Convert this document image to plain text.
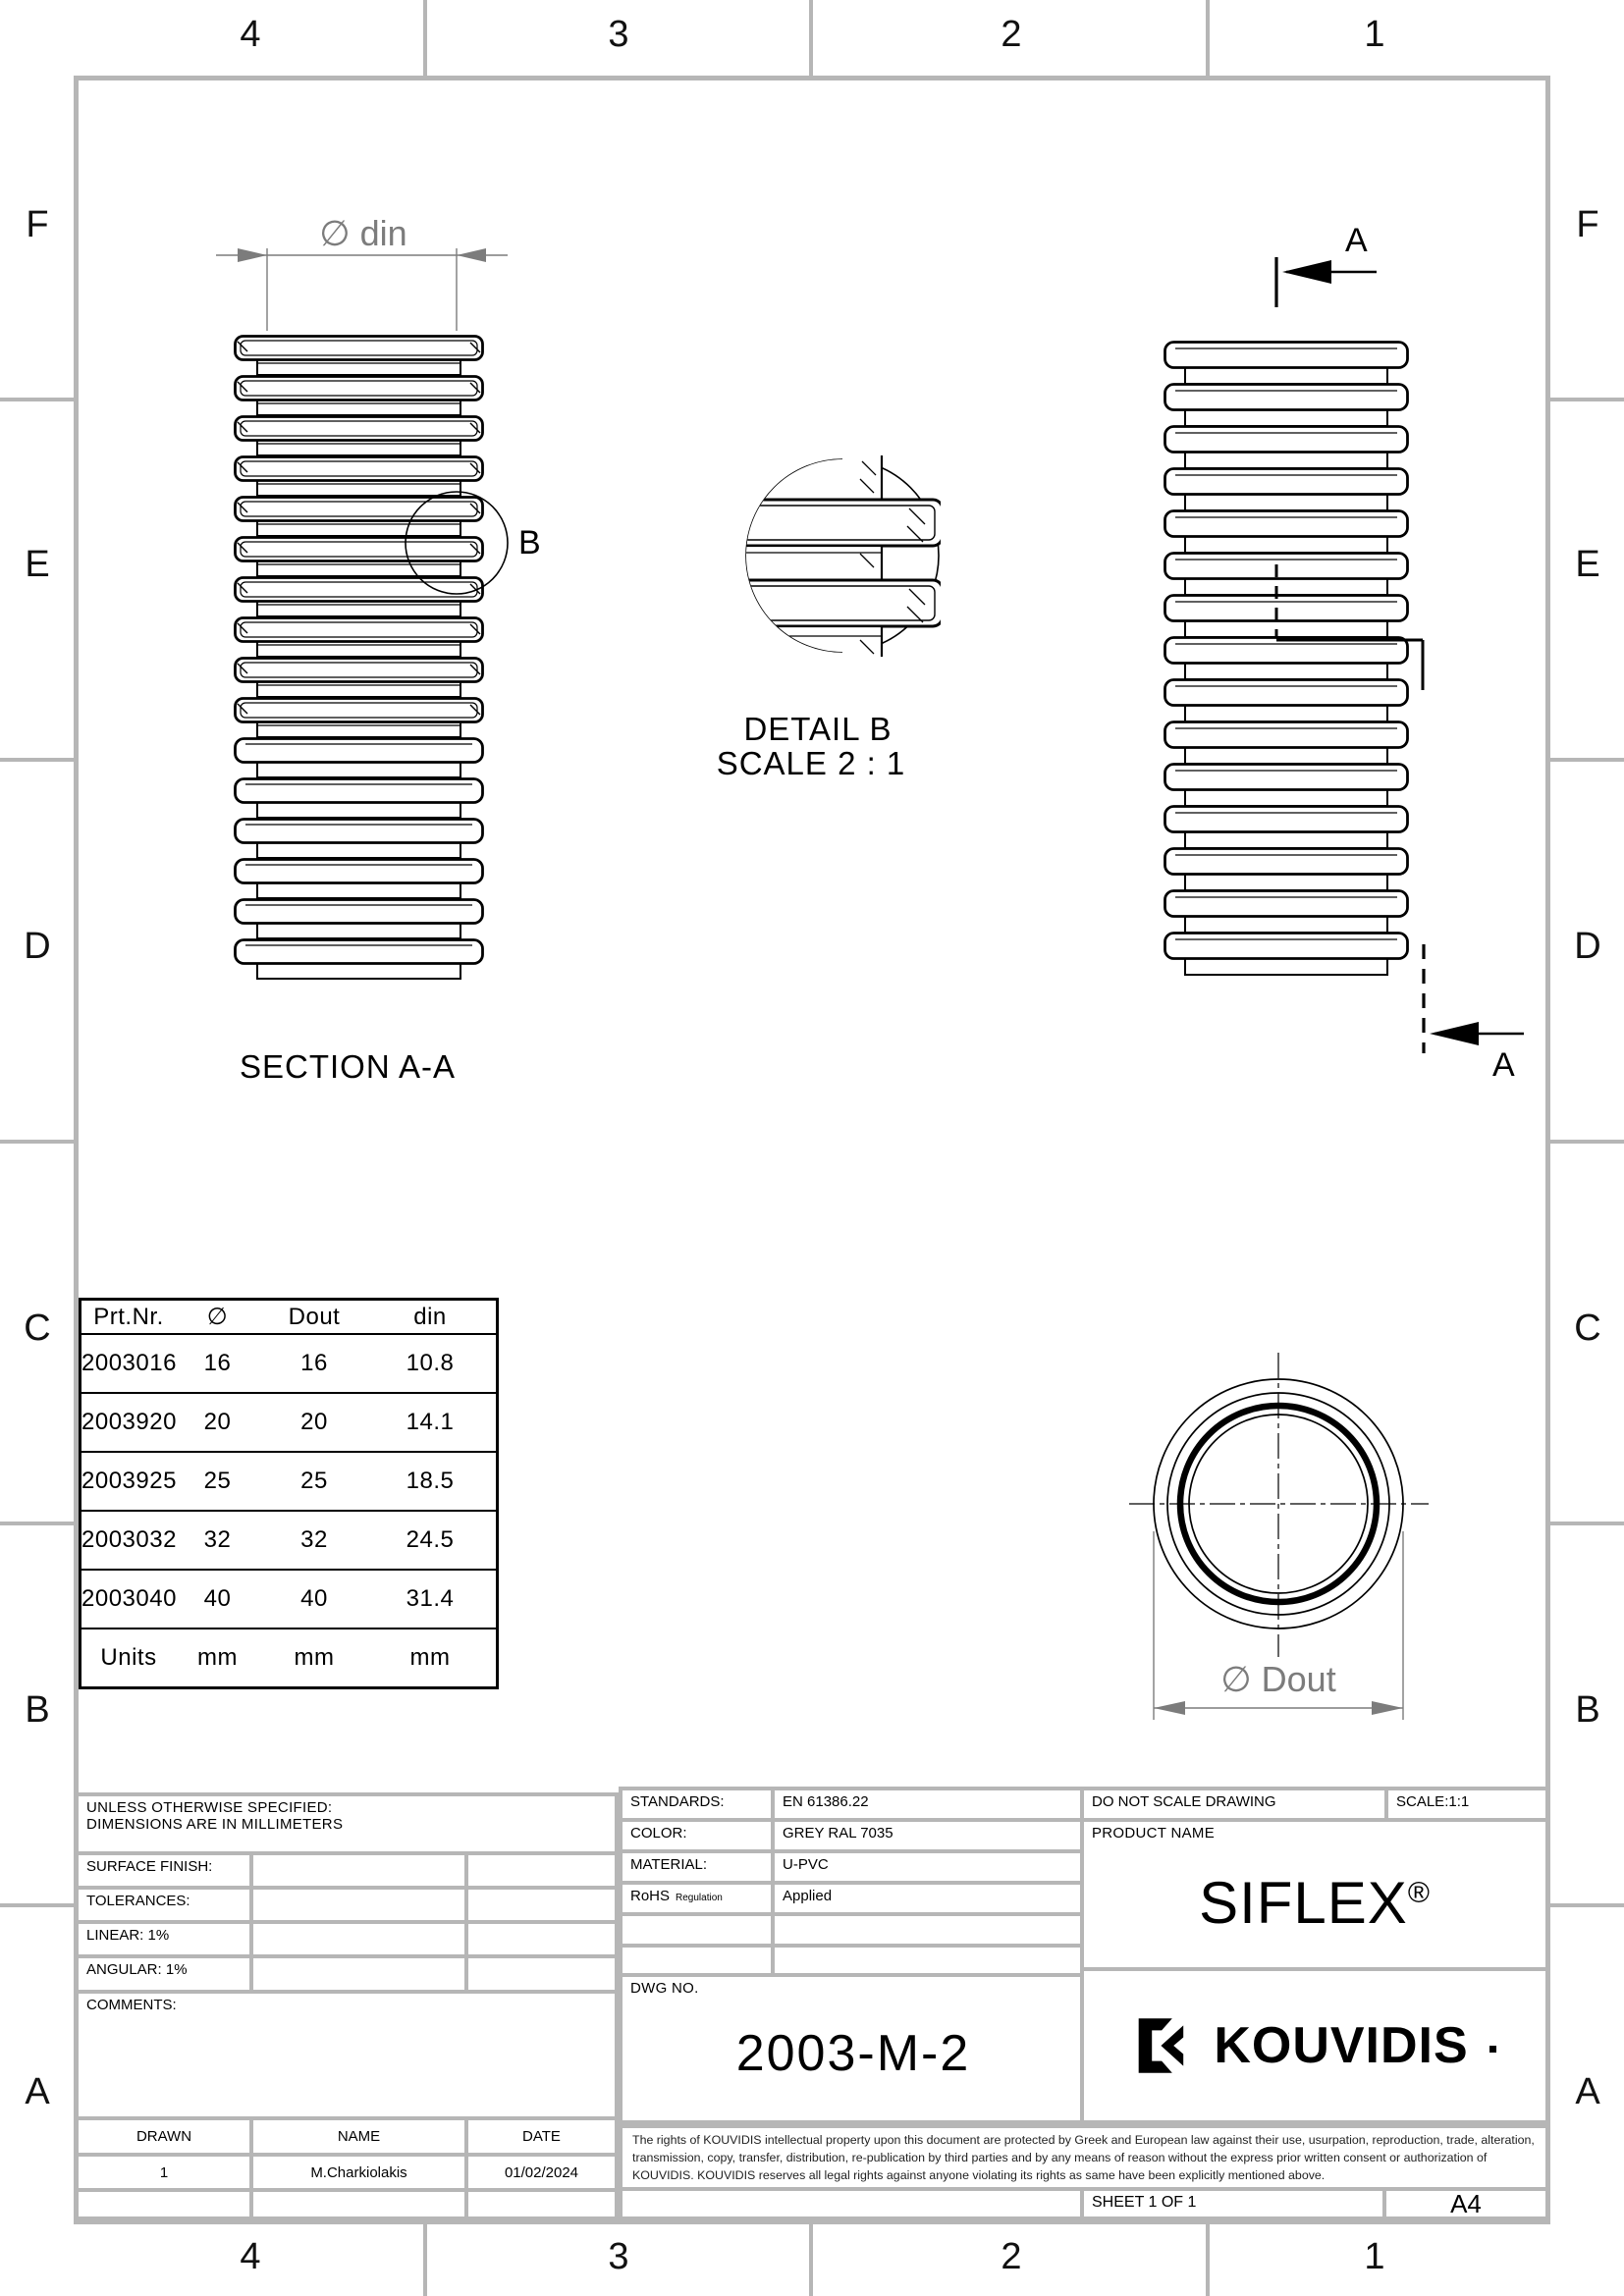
4	3	2	1
4	3	2	1
F
E
D
C
B
A
F
E
D
C
B
A
∅ din
B
A
A
SECTION A-A
DETAIL B
SCALE 2 : 1
∅ Dout
Prt.Nr.	∅	Dout	din
2003016	16	16	10.8
2003920	20	20	14.1
2003925	25	25	18.5
2003032	32	32	24.5
2003040	40	40	31.4
Units	mm	mm	mm
UNLESS OTHERWISE SPECIFIED:
DIMENSIONS ARE IN MILLIMETERS
SURFACE FINISH:
TOLERANCES:
LINEAR: 1%
ANGULAR: 1%
COMMENTS:
DRAWN	NAME	DATE
1	M.Charkiolakis	01/02/2024
STANDARDS:	EN 61386.22
COLOR:	GREY RAL 7035
MATERIAL:	U-PVC
RoHS Regulation	Applied
DWG NO.
2003-M-2
DO NOT SCALE DRAWING	SCALE:1:1
PRODUCT NAME
SIFLEX®
KOUVIDIS
The rights of KOUVIDIS intellectual property upon this document are protected by Greek and European law against their use, usurpation, reproduction, trade, alteration, transmission, copy, transfer, distribution, re-publication by third parties and by any means of reason without the express prior written consent or authorization of KOUVIDIS. KOUVIDIS reserves all legal rights against anyone violating its rights as same have been explicitly mentioned above.
SHEET 1 OF 1	A4
